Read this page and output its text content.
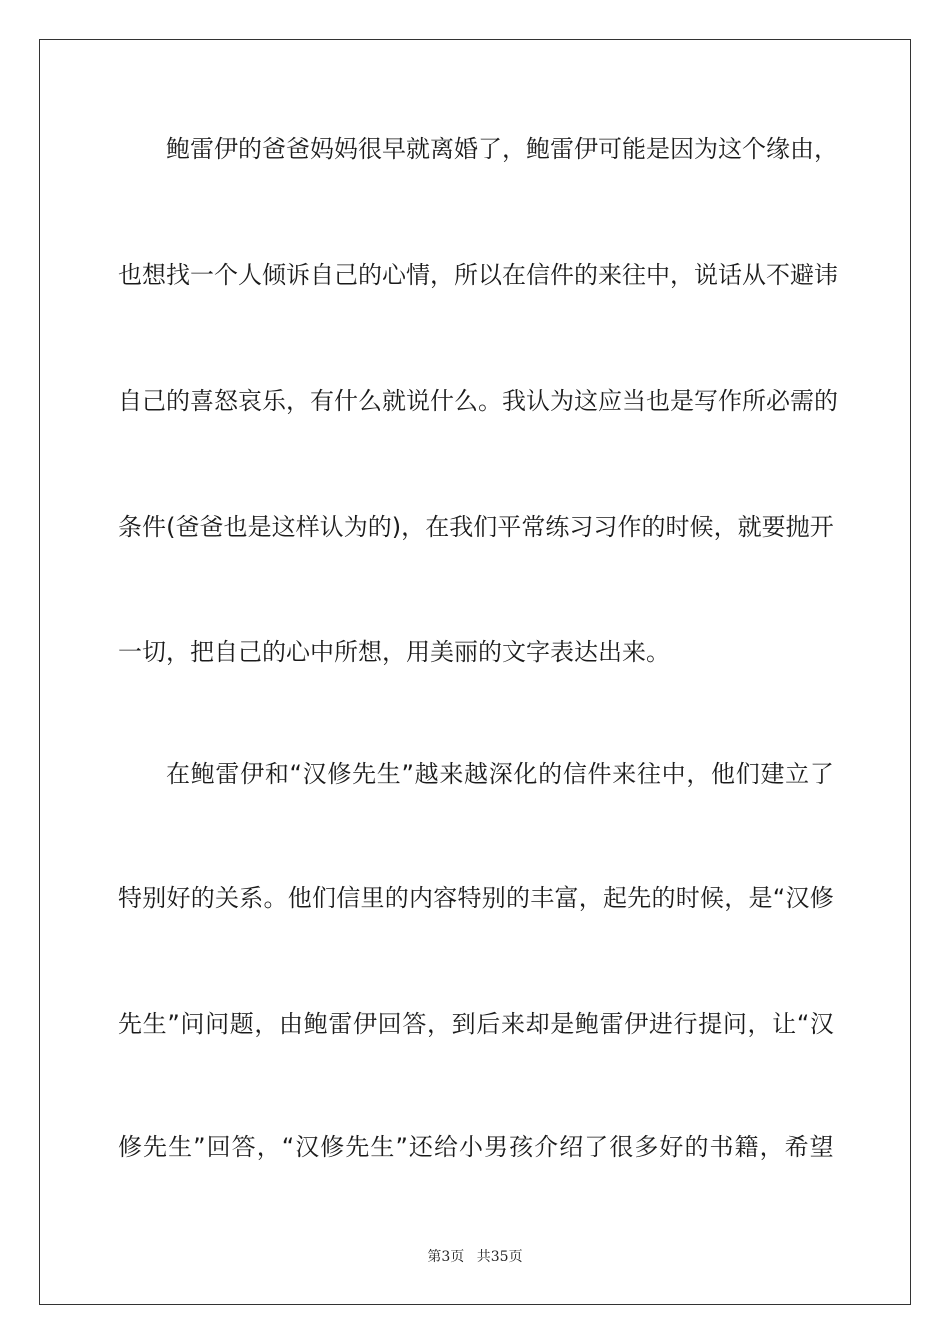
鲍 雷 伊 的 爸 爸 妈 妈 很 早 就 离 婚 了 ， 鲍 雷 伊 可 能 是 因 为 这 个 缘 由 ，
也 想 找 一 个 人 倾 诉 自 己 的 心 情 ， 所 以 在 信 件 的 来 往 中 ， 说 话 从 不 避 讳
自 己 的 喜 怒 哀 乐 ， 有 什 么 就 说 什 么 。 我 认 为 这 应 当 也 是 写 作 所 必 需 的
条 件 ( 爸 爸 也 是 这 样 认 为 的 ) ， 在 我 们 平 常 练 习 习 作 的 时 候 ， 就 要 抛 开
一切，把自己的心中所想，用美丽的文字表达出来。
在 鲍 雷 伊 和 “ 汉 修 先 生 ” 越 来 越 深 化 的 信 件 来 往 中 ， 他 们 建 立 了
特 别 好 的 关 系 。 他 们 信 里 的 内 容 特 别 的 丰 富 ， 起 先 的 时 候 ， 是 “ 汉 修
先 生 ” 问 问 题 ， 由 鲍 雷 伊 回 答 ， 到 后 来 却 是 鲍 雷 伊 进 行 提 问 ， 让 “ 汉
修 先 生 ” 回 答 ， “ 汉 修 先 生 ” 还 给 小 男 孩 介 绍 了 很 多 好 的 书 籍 ， 希 望
第3页 共35页
